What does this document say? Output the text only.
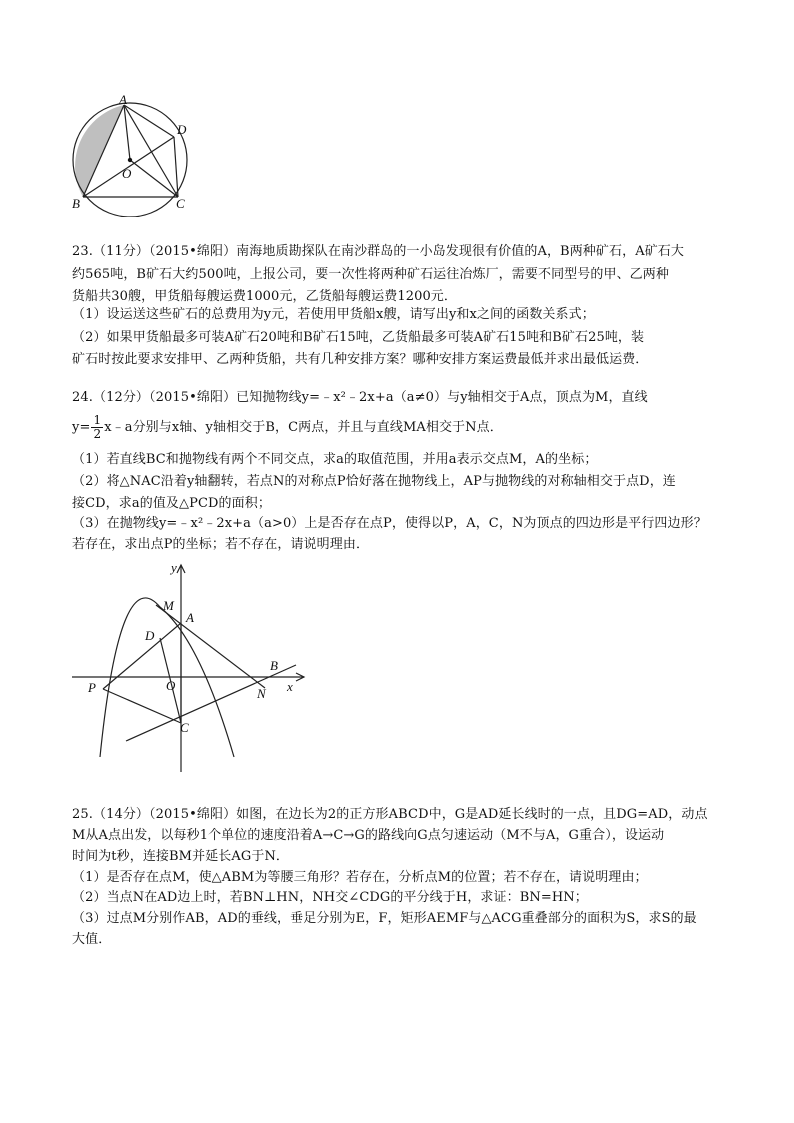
A
D
O
B	C
23.（11分）（2015•绵阳）南海地质勘探队在南沙群岛的一小岛发现很有价值的A，B两种矿石，A矿石大
约565吨，B矿石大约500吨，上报公司，要一次性将两种矿石运往冶炼厂，需要不同型号的甲、乙两种
货船共30艘，甲货船每艘运费1000元，乙货船每艘运费1200元．
（1）设运送这些矿石的总费用为y元，若使用甲货船x艘，请写出y和x之间的函数关系式；
（2）如果甲货船最多可装A矿石20吨和B矿石15吨，乙货船最多可装A矿石15吨和B矿石25吨，装
矿石时按此要求安排甲、乙两种货船，共有几种安排方案？哪种安排方案运费最低并求出最低运费．
24.（12分）（2015•绵阳）已知抛物线y=﹣x²﹣2x+a（a≠0）与y轴相交于A点，顶点为M，直线
$y= \frac{1}{2}$ x﹣a分别与x轴、y轴相交于B，C两点，并且与直线MA相交于N点．
（1）若直线BC和抛物线有两个不同交点，求a的取值范围，并用a表示交点M，A的坐标；
（2）将△NAC沿着y轴翻转，若点N的对称点P恰好落在抛物线上，AP与抛物线的对称轴相交于点D，连
接CD，求a的值及△PCD的面积；
（3）在抛物线y=﹣x²﹣2x+a（a>0）上是否存在点P，使得以P，A，C，N为顶点的四边形是平行四边形？
若存在，求出点P的坐标；若不存在，请说明理由．
y
M
A
D
B
P	O
N x
C
25.（14分）（2015•绵阳）如图，在边长为2的正方形ABCD中，G是AD延长线时的一点，且DG=AD，动点
M从A点出发，以每秒1个单位的速度沿着A→C→G的路线向G点匀速运动（M不与A，G重合），设运动
时间为t秒，连接BM并延长AG于N．
（1）是否存在点M，使△ABM为等腰三角形？若存在，分析点M的位置；若不存在，请说明理由；
（2）当点N在AD边上时，若BN⊥HN，NH交∠CDG的平分线于H，求证：BN=HN；
（3）过点M分别作AB，AD的垂线，垂足分别为E，F，矩形AEMF与△ACG重叠部分的面积为S，求S的最
大值．
